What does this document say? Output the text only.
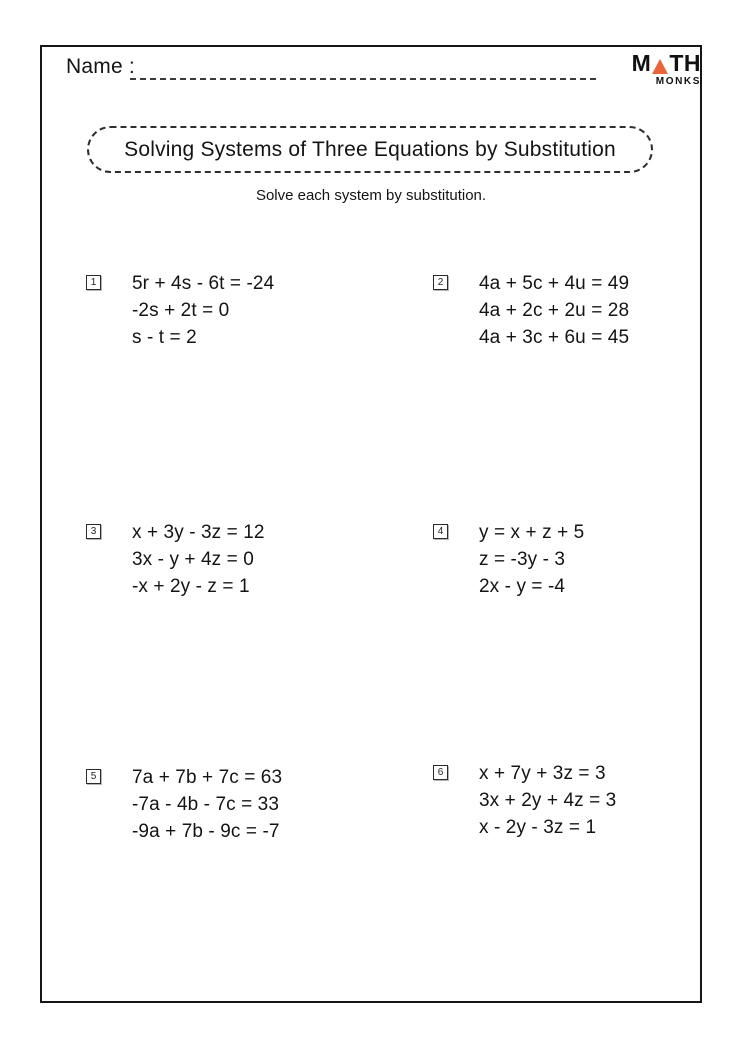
Name :	M TH
MONKS
Solving Systems of Three Equations by Substitution
Solve each system by substitution.
1 5r + 4s - 6t = -24
-2s + 2t = 0
s - t = 2
2 4a + 5c + 4u = 49
4a + 2c + 2u = 28
4a + 3c + 6u = 45
3 x + 3y - 3z = 12
3x - y + 4z = 0
-x + 2y - z = 1
4 y = x + z + 5
z = -3y - 3
2x - y = -4
5 7a + 7b + 7c = 63
-7a - 4b - 7c = 33
-9a + 7b - 9c = -7
6 x + 7y + 3z = 3
3x + 2y + 4z = 3
x - 2y - 3z = 1
